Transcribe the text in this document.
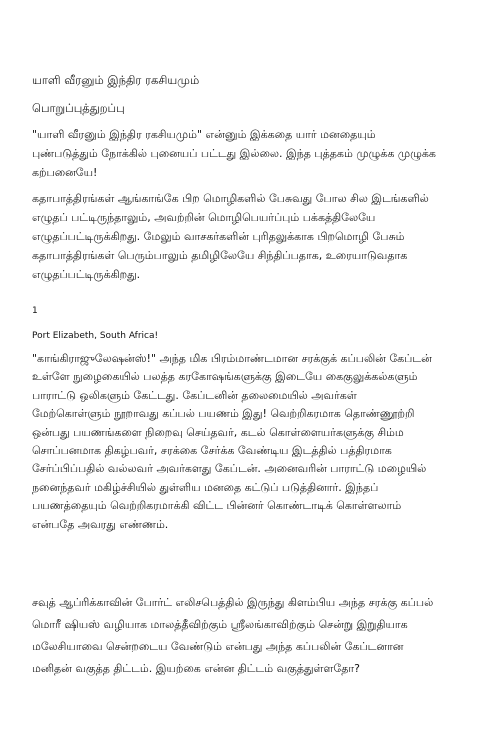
யாளி வீரனும் இந்திர ரகசியமும்
பொறுப்புத்துறப்பு
"யாளி வீரனும் இந்திர ரகசியமும்" என்னும் இக்கதை யார் மனதையும்
புண்படுத்தும் நோக்கில் புனையப் பட்டது இல்லை. இந்த புத்தகம் முழுக்க முழுக்க
கற்பனையே!
கதாபாத்திரங்கள் ஆங்காங்கே பிற மொழிகளில் பேசுவது போல சில இடங்களில்
எழுதப் பட்டிருந்தாலும், அவற்றின் மொழிபெயர்ப்பும் பக்கத்திலேயே
எழுதப்பட்டிருக்கிறது. மேலும் வாசகர்களின் புரிதலுக்காக பிறமொழி பேசும்
கதாபாத்திரங்கள் பெரும்பாலும் தமிழிலேயே சிந்திப்பதாக, உரையாடுவதாக
எழுதப்பட்டிருக்கிறது.
1
Port Elizabeth, South Africa!
"காங்கிராஜுலேஷன்ஸ்!" அந்த மிக பிரம்மாண்டமான சரக்குக் கப்பலின் கேப்டன்
உள்ளே நுழைகையில் பலத்த கரகோஷங்களுக்கு இடையே கைகுலுக்கல்களும்
பாராட்டு ஒலிகளும் கேட்டது. கேப்டனின் தலைமையில் அவர்கள்
மேற்கொள்ளும் நூறாவது கப்பல் பயணம் இது! வெற்றிகரமாக தொண்ணூற்றி
ஒன்பது பயணங்களை நிறைவு செய்தவர், கடல் கொள்ளையர்களுக்கு சிம்ம
சொப்பனமாக திகழ்பவர், சரக்கை சேர்க்க வேண்டிய இடத்தில் பத்திரமாக
சேர்ப்பிப்பதில் வல்லவர் அவர்களது கேப்டன். அனைவரின் பாராட்டு மழையில்
நனைந்தவர் மகிழ்ச்சியில் துள்ளிய மனதை கட்டுப் படுத்தினார். இந்தப்
பயணத்தையும் வெற்றிகரமாக்கி விட்ட பின்னர் கொண்டாடிக் கொள்ளலாம்
என்பதே அவரது எண்ணம்.
சவுத் ஆப்ரிக்காவின் போர்ட் எலிசபெத்தில் இருந்து கிளம்பிய அந்த சரக்கு கப்பல்
மொரீ ஷியஸ் வழியாக மாலத்தீவிற்கும் ஸ்ரீலங்காவிற்கும் சென்று இறுதியாக
மலேசியாவை சென்றடைய வேண்டும் என்பது அந்த கப்பலின் கேப்டனான
மனிதன் வகுத்த திட்டம். இயற்கை என்ன திட்டம் வகுத்துள்ளதோ?
